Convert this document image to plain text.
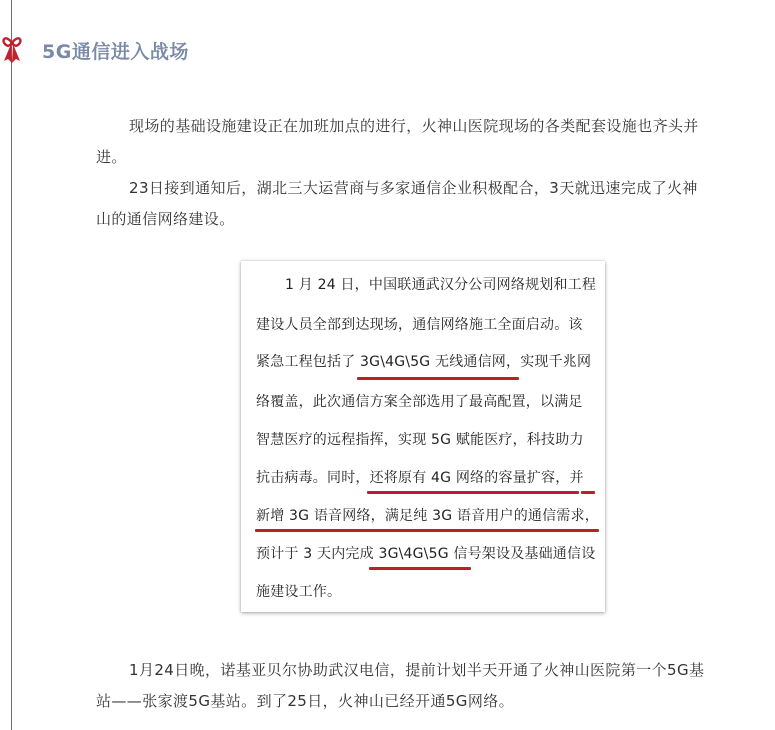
5G通信进入战场

现场的基础设施建设正在加班加点的进行，火神山医院现场的各类配套设施也齐头并进。

23日接到通知后，湖北三大运营商与多家通信企业积极配合，3天就迅速完成了火神山的通信网络建设。

1 月 24 日，中国联通武汉分公司网络规划和工程
建设人员全部到达现场，通信网络施工全面启动。该
紧急工程包括了 3G\4G\5G 无线通信网，实现千兆网
络覆盖，此次通信方案全部选用了最高配置，以满足
智慧医疗的远程指挥，实现 5G 赋能医疗，科技助力
抗击病毒。同时，还将原有 4G 网络的容量扩容，并
新增 3G 语音网络，满足纯 3G 语音用户的通信需求，
预计于 3 天内完成 3G\4G\5G 信号架设及基础通信设
施建设工作。

1月24日晚，诺基亚贝尔协助武汉电信，提前计划半天开通了火神山医院第一个5G基站——张家渡5G基站。到了25日，火神山已经开通5G网络。
